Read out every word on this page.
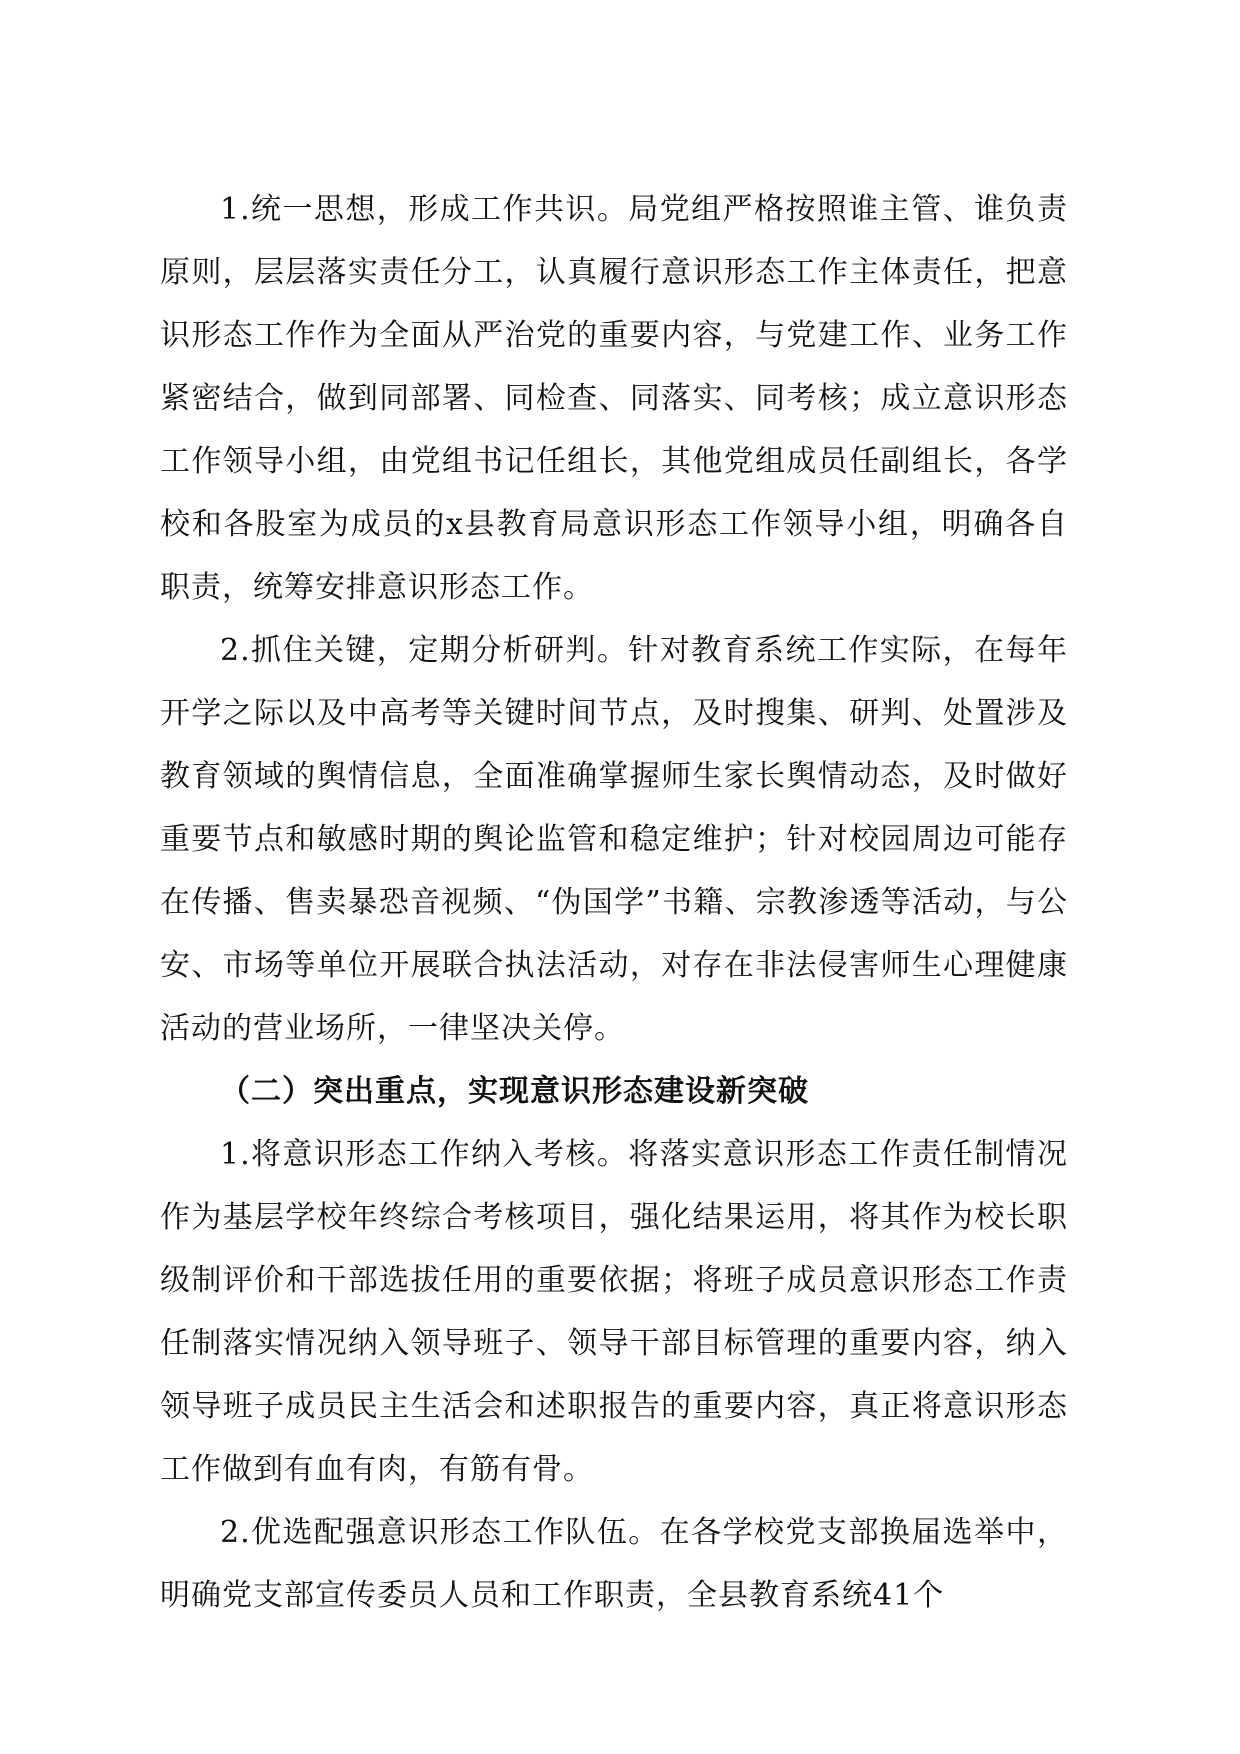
1.统一思想，形成工作共识。局党组严格按照谁主管、谁负责原则，层层落实责任分工，认真履行意识形态工作主体责任，把意识形态工作作为全面从严治党的重要内容，与党建工作、业务工作紧密结合，做到同部署、同检查、同落实、同考核；成立意识形态工作领导小组，由党组书记任组长，其他党组成员任副组长，各学校和各股室为成员的x县教育局意识形态工作领导小组，明确各自职责，统筹安排意识形态工作。

2.抓住关键，定期分析研判。针对教育系统工作实际，在每年开学之际以及中高考等关键时间节点，及时搜集、研判、处置涉及教育领域的舆情信息，全面准确掌握师生家长舆情动态，及时做好重要节点和敏感时期的舆论监管和稳定维护；针对校园周边可能存在传播、售卖暴恐音视频、“伪国学”书籍、宗教渗透等活动，与公安、市场等单位开展联合执法活动，对存在非法侵害师生心理健康活动的营业场所，一律坚决关停。

（二）突出重点，实现意识形态建设新突破

1.将意识形态工作纳入考核。将落实意识形态工作责任制情况作为基层学校年终综合考核项目，强化结果运用，将其作为校长职级制评价和干部选拔任用的重要依据；将班子成员意识形态工作责任制落实情况纳入领导班子、领导干部目标管理的重要内容，纳入领导班子成员民主生活会和述职报告的重要内容，真正将意识形态工作做到有血有肉，有筋有骨。

2.优选配强意识形态工作队伍。在各学校党支部换届选举中，明确党支部宣传委员人员和工作职责，全县教育系统41个
